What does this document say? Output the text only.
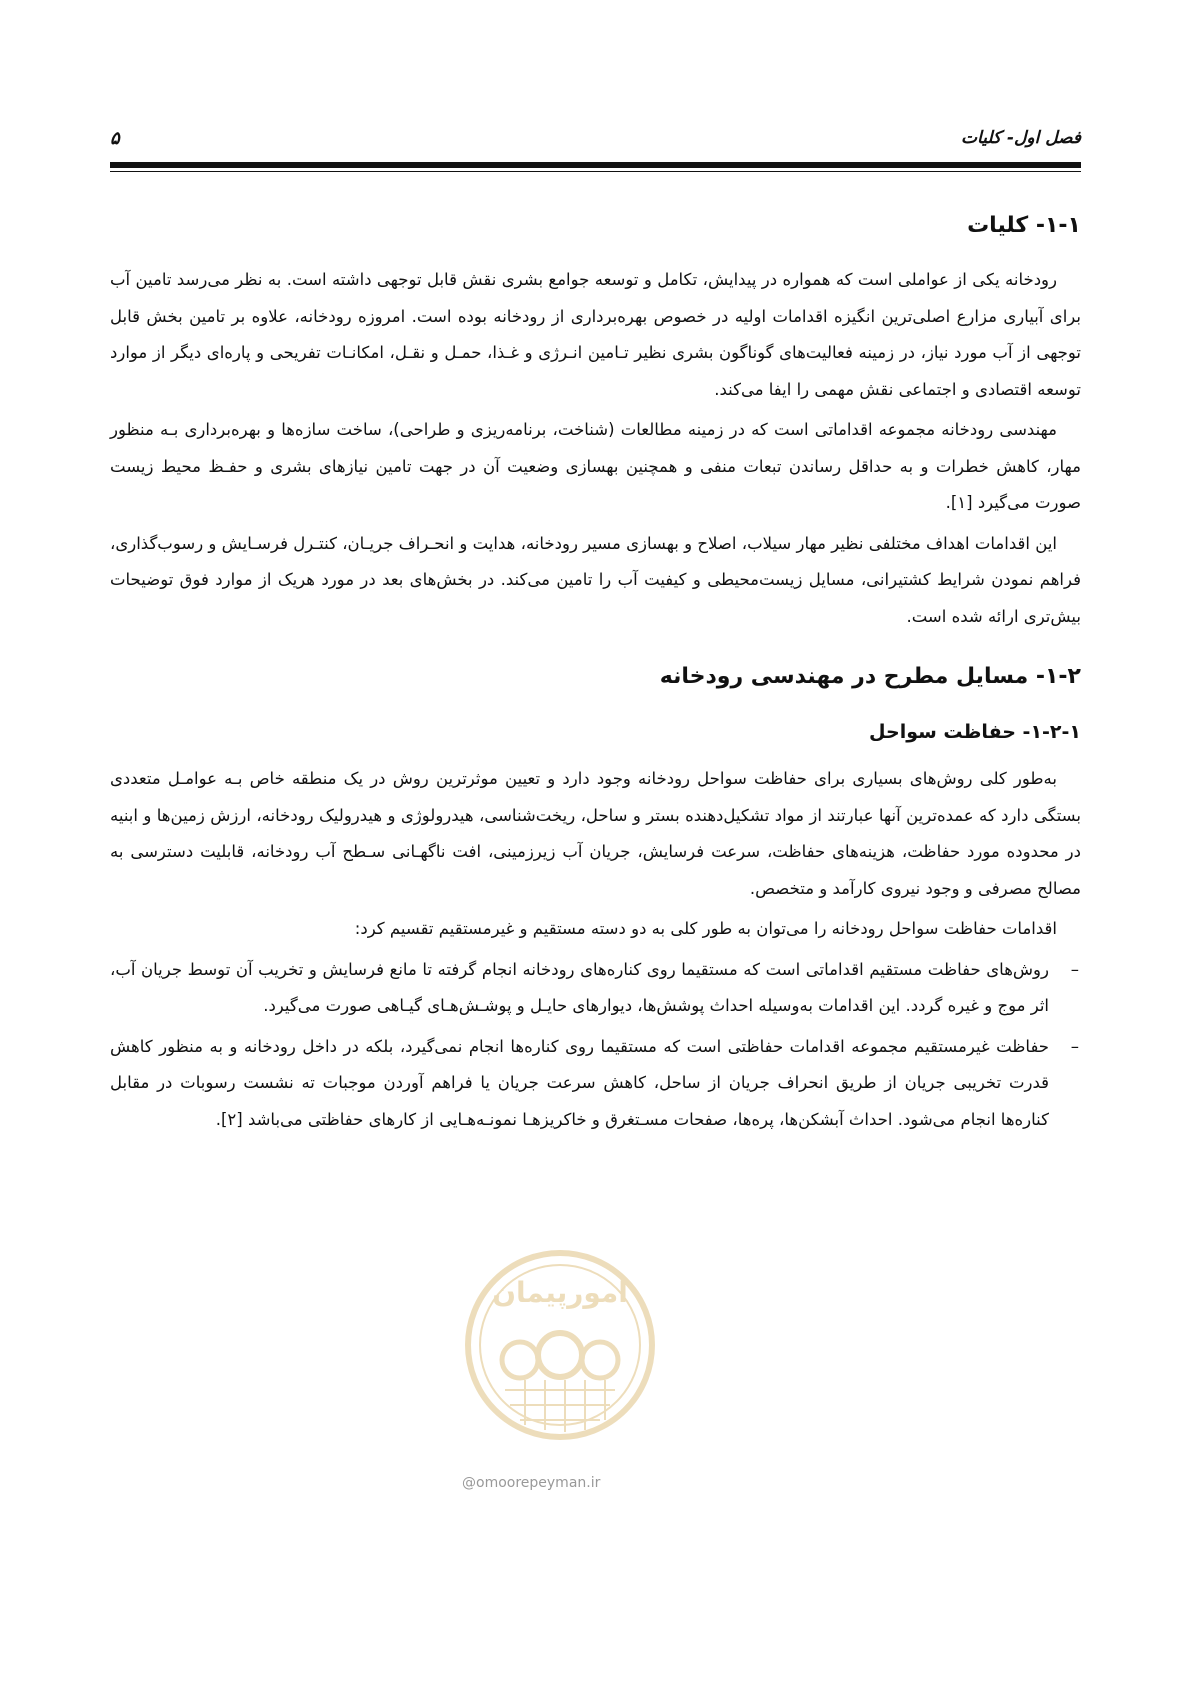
فصل اول- کلیات
۵
۱-۱- کلیات

رودخانه یکی از عواملی است که همواره در پیدایش، تکامل و توسعه جوامع بشری نقش قابل توجهی داشته است. به نظر می‌رسد تامین آب برای آبیاری مزارع اصلی‌ترین انگیزه اقدامات اولیه در خصوص بهره‌برداری از رودخانه بوده است. امروزه رودخانه، علاوه بر تامین بخش قابل توجهی از آب مورد نیاز، در زمینه فعالیت‌های گوناگون بشری نظیر تـامین انـرژی و غـذا، حمـل و نقـل، امکانـات تفریحی و پاره‌ای دیگر از موارد توسعه اقتصادی و اجتماعی نقش مهمی را ایفا می‌کند.

مهندسی رودخانه مجموعه اقداماتی است که در زمینه مطالعات (شناخت، برنامه‌ریزی و طراحی)، ساخت سازه‌ها و بهره‌برداری بـه منظور مهار، کاهش خطرات و به حداقل رساندن تبعات منفی و همچنین بهسازی وضعیت آن در جهت تامین نیازهای بشری و حفـظ محیط زیست صورت می‌گیرد [۱].

این اقدامات اهداف مختلفی نظیر مهار سیلاب، اصلاح و بهسازی مسیر رودخانه، هدایت و انحـراف جریـان، کنتـرل فرسـایش و رسوب‌گذاری، فراهم نمودن شرایط کشتیرانی، مسایل زیست‌محیطی و کیفیت آب را تامین می‌کند. در بخش‌های بعد در مورد هریک از موارد فوق توضیحات بیش‌تری ارائه شده است.

۱-۲- مسایل مطرح در مهندسی رودخانه
۱-۲-۱- حفاظت سواحل

به‌طور کلی روش‌های بسیاری برای حفاظت سواحل رودخانه وجود دارد و تعیین موثرترین روش در یک منطقه خاص بـه عوامـل متعددی بستگی دارد که عمده‌ترین آنها عبارتند از مواد تشکیل‌دهنده بستر و ساحل، ریخت‌شناسی، هیدرولوژی و هیدرولیک رودخانه، ارزش زمین‌ها و ابنیه در محدوده مورد حفاظت، هزینه‌های حفاظت، سرعت فرسایش، جریان آب زیرزمینی، افت ناگهـانی سـطح آب رودخانه، قابلیت دسترسی به مصالح مصرفی و وجود نیروی کارآمد و متخصص.

اقدامات حفاظت سواحل رودخانه را می‌توان به طور کلی به دو دسته مستقیم و غیرمستقیم تقسیم کرد:

–
روش‌های حفاظت مستقیم اقداماتی است که مستقیما روی کناره‌های رودخانه انجام گرفته تا مانع فرسایش و تخریب آن توسط جریان آب، اثر موج و غیره گردد. این اقدامات به‌وسیله احداث پوشش‌ها، دیوارهای حایـل و پوشـش‌هـای گیـاهی صورت می‌گیرد.
–
حفاظت غیرمستقیم مجموعه اقدامات حفاظتی است که مستقیما روی کناره‌ها انجام نمی‌گیرد، بلکه در داخل رودخانه و به منظور کاهش قدرت تخریبی جریان از طریق انحراف جریان از ساحل، کاهش سرعت جریان یا فراهم آوردن موجبات ته نشست رسوبات در مقابل کناره‌ها انجام می‌شود. احداث آبشکن‌ها، پره‌ها، صفحات مسـتغرق و خاکریزهـا نمونـه‌هـایی از کارهای حفاظتی می‌باشد [۲].
امورپیمان
@omoorepeyman.ir
